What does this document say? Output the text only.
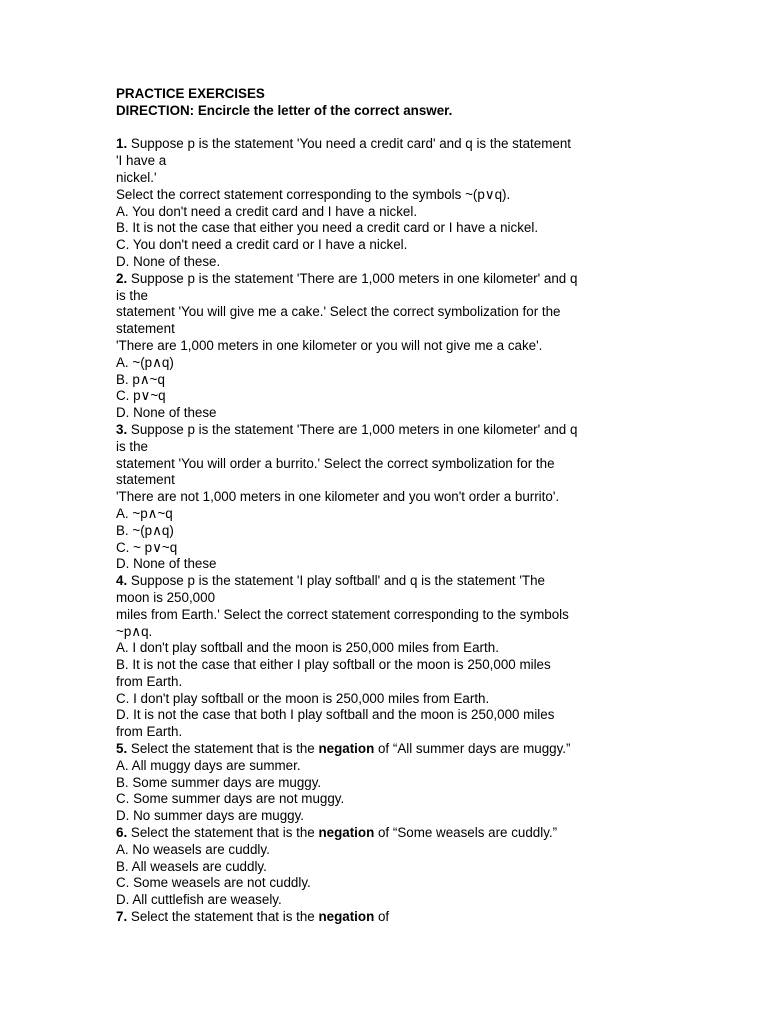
PRACTICE EXERCISES
DIRECTION: Encircle the letter of the correct answer.
1. Suppose p is the statement 'You need a credit card' and q is the statement
'I have a
nickel.'
Select the correct statement corresponding to the symbols ~(p∨q).
A. You don't need a credit card and I have a nickel.
B. It is not the case that either you need a credit card or I have a nickel.
C. You don't need a credit card or I have a nickel.
D. None of these.
2. Suppose p is the statement 'There are 1,000 meters in one kilometer' and q
is the
statement 'You will give me a cake.' Select the correct symbolization for the
statement
'There are 1,000 meters in one kilometer or you will not give me a cake'.
A. ~(p∧q)
B. p∧~q
C. p∨~q
D. None of these
3. Suppose p is the statement 'There are 1,000 meters in one kilometer' and q
is the
statement 'You will order a burrito.' Select the correct symbolization for the
statement
'There are not 1,000 meters in one kilometer and you won't order a burrito'.
A. ~p∧~q
B. ~(p∧q)
C. ~ p∨~q
D. None of these
4. Suppose p is the statement 'I play softball' and q is the statement 'The
moon is 250,000
miles from Earth.' Select the correct statement corresponding to the symbols
~p∧q.
A. I don't play softball and the moon is 250,000 miles from Earth.
B. It is not the case that either I play softball or the moon is 250,000 miles
from Earth.
C. I don't play softball or the moon is 250,000 miles from Earth.
D. It is not the case that both I play softball and the moon is 250,000 miles
from Earth.
5. Select the statement that is the negation of “All summer days are muggy.”
A. All muggy days are summer.
B. Some summer days are muggy.
C. Some summer days are not muggy.
D. No summer days are muggy.
6. Select the statement that is the negation of “Some weasels are cuddly.”
A. No weasels are cuddly.
B. All weasels are cuddly.
C. Some weasels are not cuddly.
D. All cuttlefish are weasely.
7. Select the statement that is the negation of
